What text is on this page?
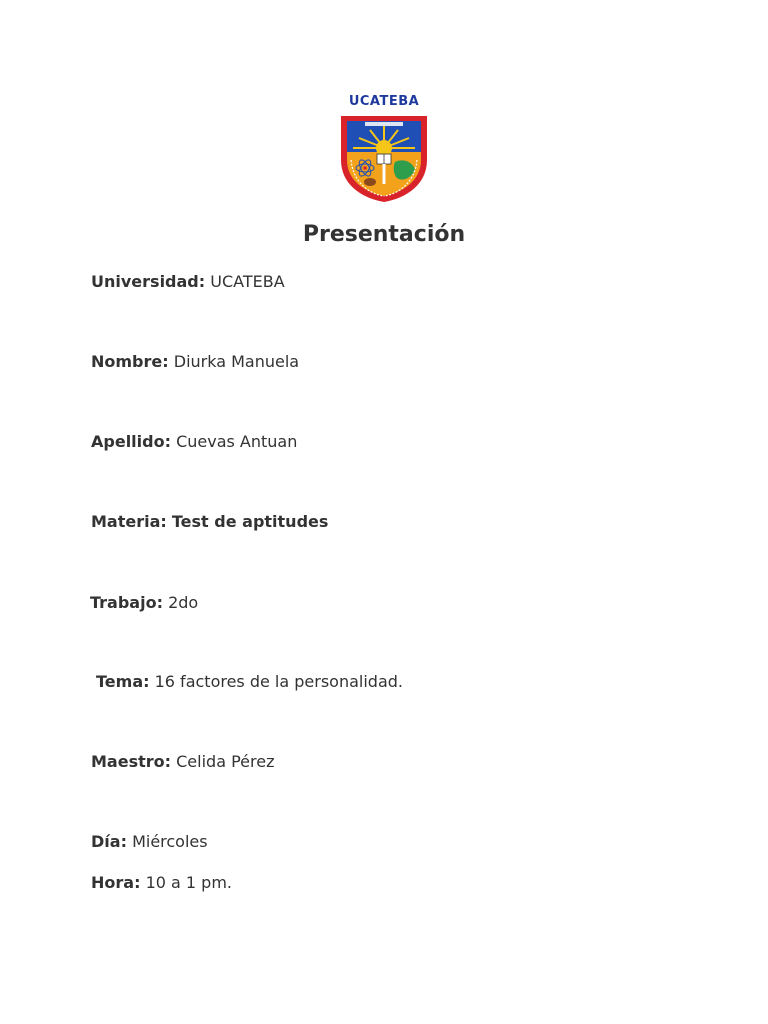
UCATEBA
Presentación
Universidad: UCATEBA
Nombre: Diurka Manuela
Apellido: Cuevas Antuan
Materia: Test de aptitudes
Trabajo: 2do
Tema: 16 factores de la personalidad.
Maestro: Celida Pérez
Día: Miércoles
Hora: 10 a 1 pm.
